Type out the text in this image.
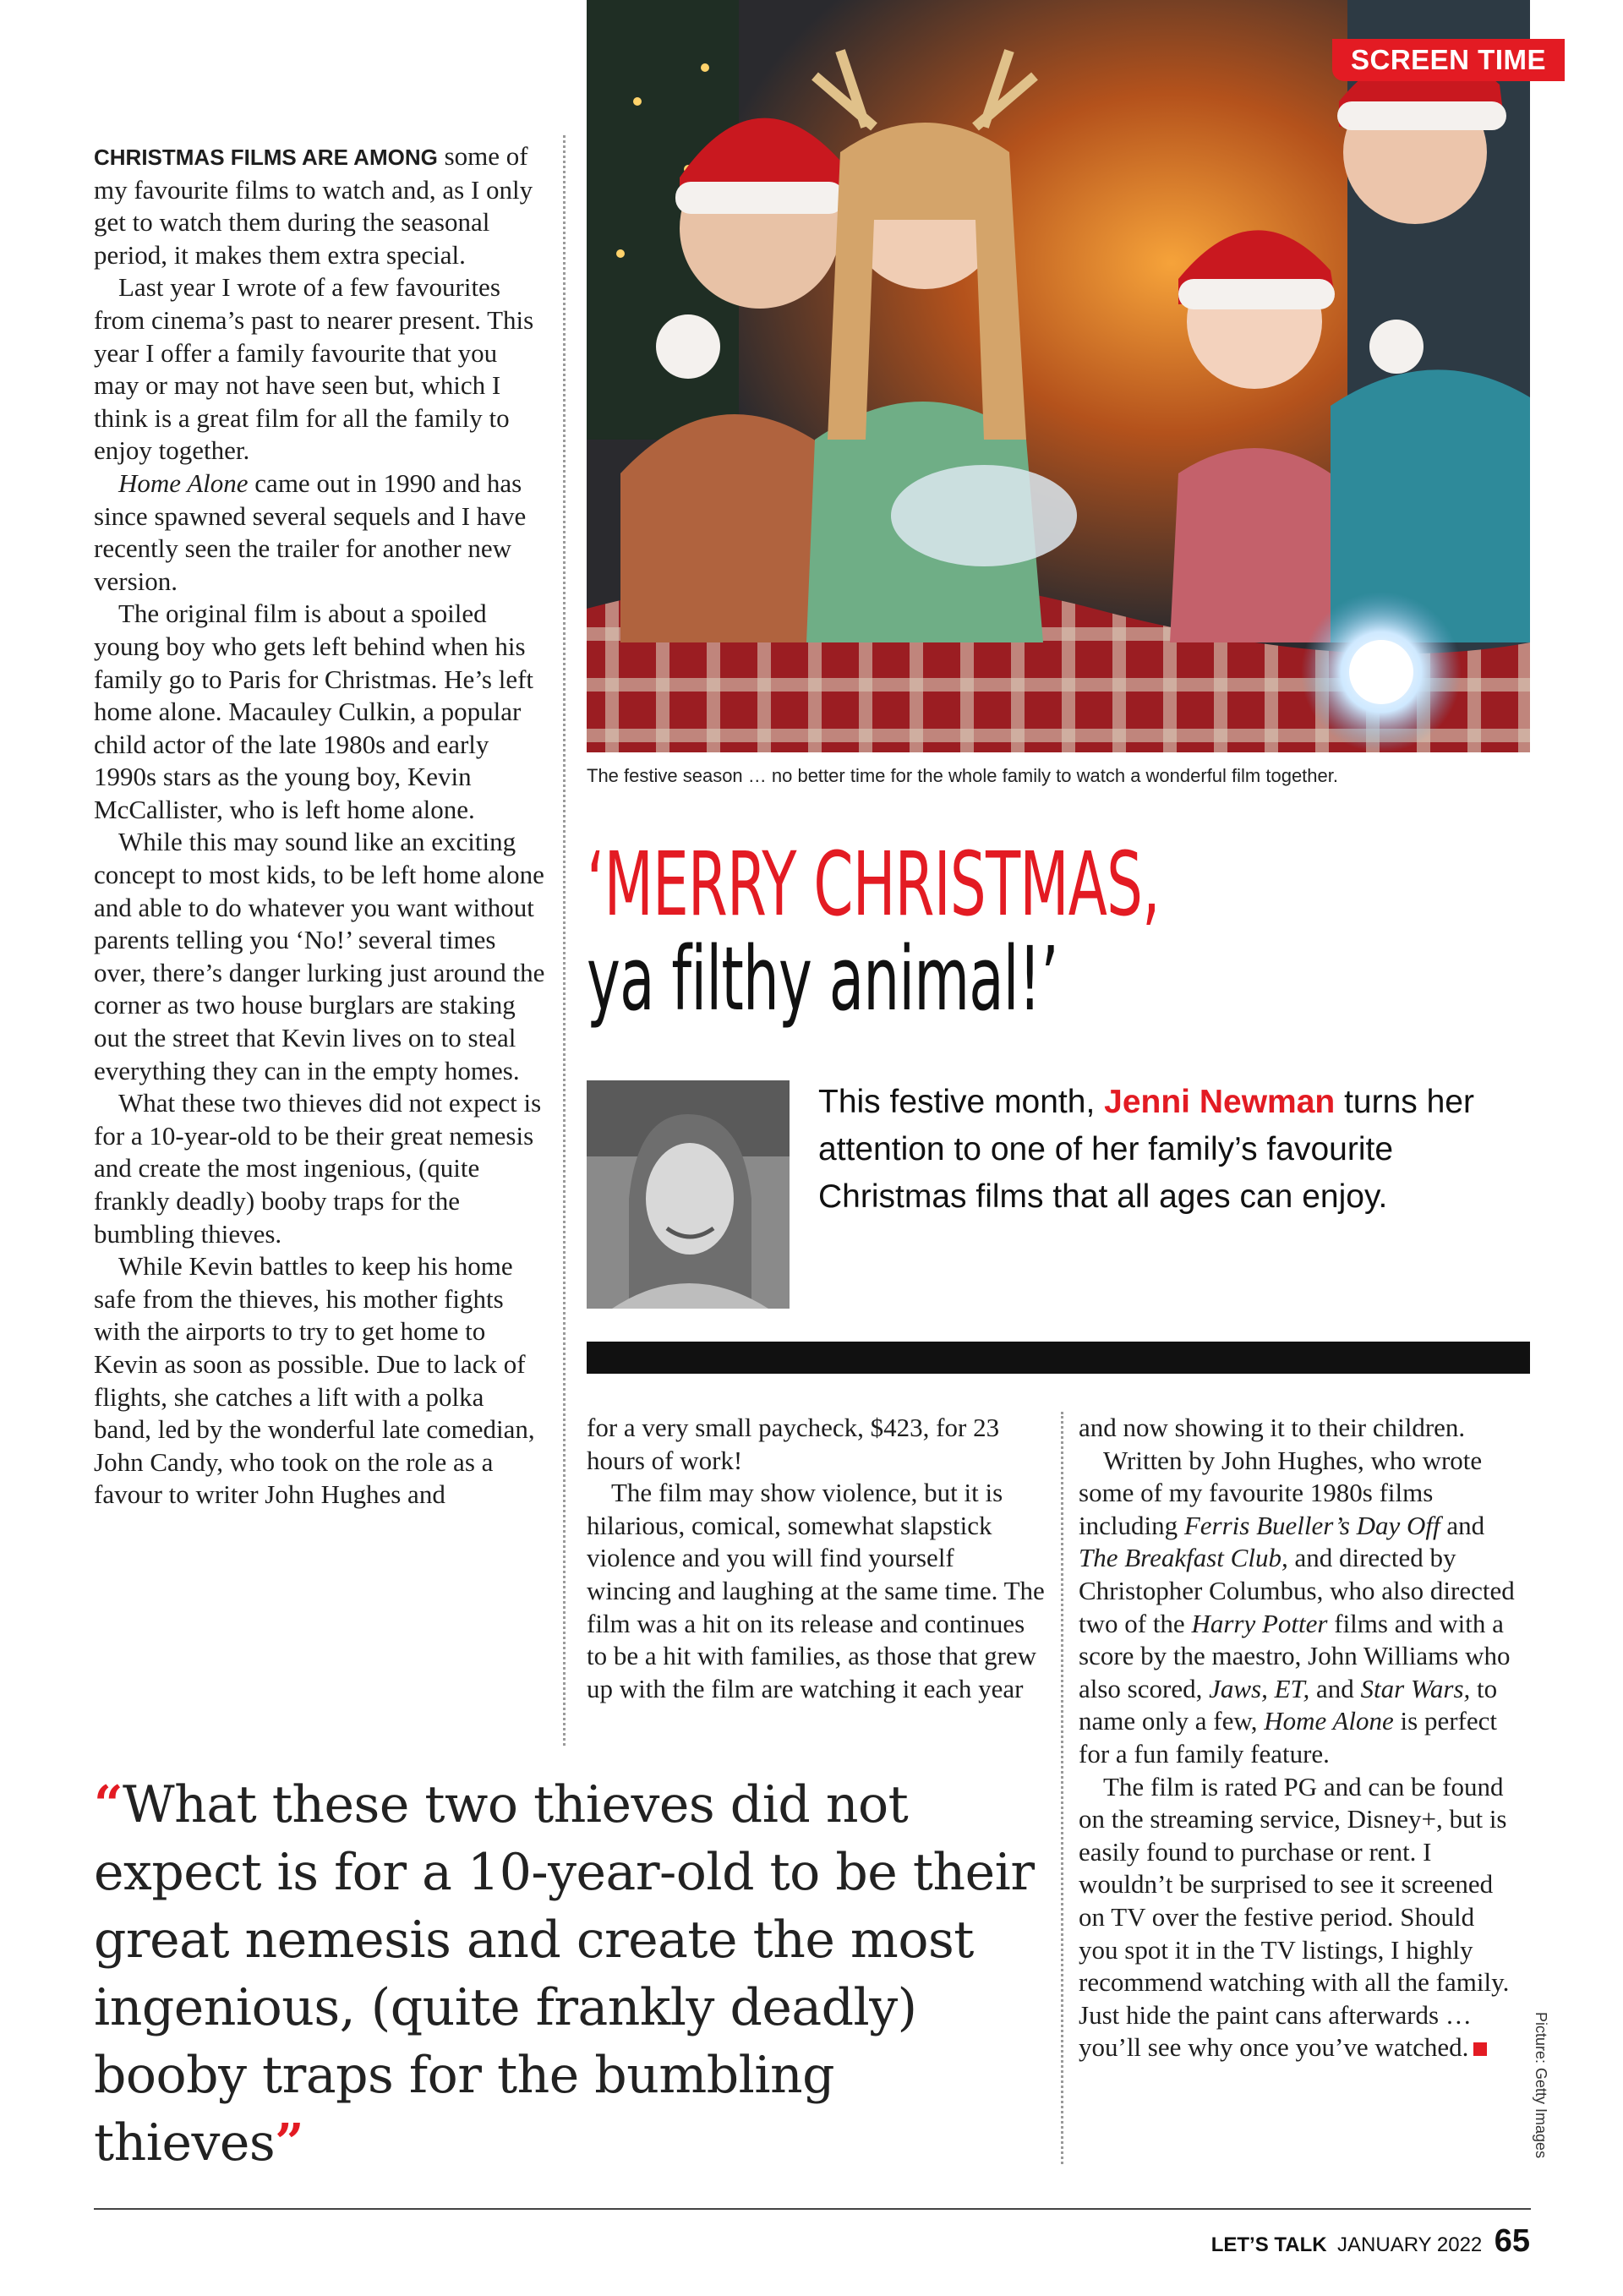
SCREEN TIME
The festive season … no better time for the whole family to watch a wonderful film together.

CHRISTMAS FILMS ARE AMONG some of my favourite films to watch and, as I only get to watch them during the seasonal period, it makes them extra special.

Last year I wrote of a few favourites from cinema’s past to nearer present. This year I offer a family favourite that you may or may not have seen but, which I think is a great film for all the family to enjoy together.

Home Alone came out in 1990 and has since spawned several sequels and I have recently seen the trailer for another new version.

The original film is about a spoiled young boy who gets left behind when his family go to Paris for Christmas. He’s left home alone. Macauley Culkin, a popular child actor of the late 1980s and early 1990s stars as the young boy, Kevin McCallister, who is left home alone.

While this may sound like an exciting concept to most kids, to be left home alone and able to do whatever you want without parents telling you ‘No!’ several times over, there’s danger lurking just around the corner as two house burglars are staking out the street that Kevin lives on to steal everything they can in the empty homes.

What these two thieves did not expect is for a 10-year-old to be their great nemesis and create the most ingenious, (quite frankly deadly) booby traps for the bumbling thieves.

While Kevin battles to keep his home safe from the thieves, his mother fights with the airports to try to get home to Kevin as soon as possible. Due to lack of flights, she catches a lift with a polka band, led by the wonderful late comedian, John Candy, who took on the role as a favour to writer John Hughes and

‘MERRY CHRISTMAS,
ya filthy animal!’
This festive month, Jenni Newman turns her attention to one of her family’s favourite Christmas films that all ages can enjoy.

for a very small paycheck, $423, for 23 hours of work!

The film may show violence, but it is hilarious, comical, somewhat slapstick violence and you will find yourself wincing and laughing at the same time. The film was a hit on its release and continues to be a hit with families, as those that grew up with the film are watching it each year

and now showing it to their children.

Written by John Hughes, who wrote some of my favourite 1980s films including Ferris Bueller’s Day Off and The Breakfast Club, and directed by Christopher Columbus, who also directed two of the Harry Potter films and with a score by the maestro, John Williams who also scored, Jaws, ET, and Star Wars, to name only a few, Home Alone is perfect for a fun family feature.

The film is rated PG and can be found on the streaming service, Disney+, but is easily found to purchase or rent. I wouldn’t be surprised to see it screened on TV over the festive period. Should you spot it in the TV listings, I highly recommend watching with all the family. Just hide the paint cans afterwards … you’ll see why once you’ve watched.

“What these two thieves did not expect is for a 10-year-old to be their great nemesis and create the most ingenious, (quite frankly deadly) booby traps for the bumbling thieves”	Picture: Getty Images
LET’S TALK JANUARY 2022 65
